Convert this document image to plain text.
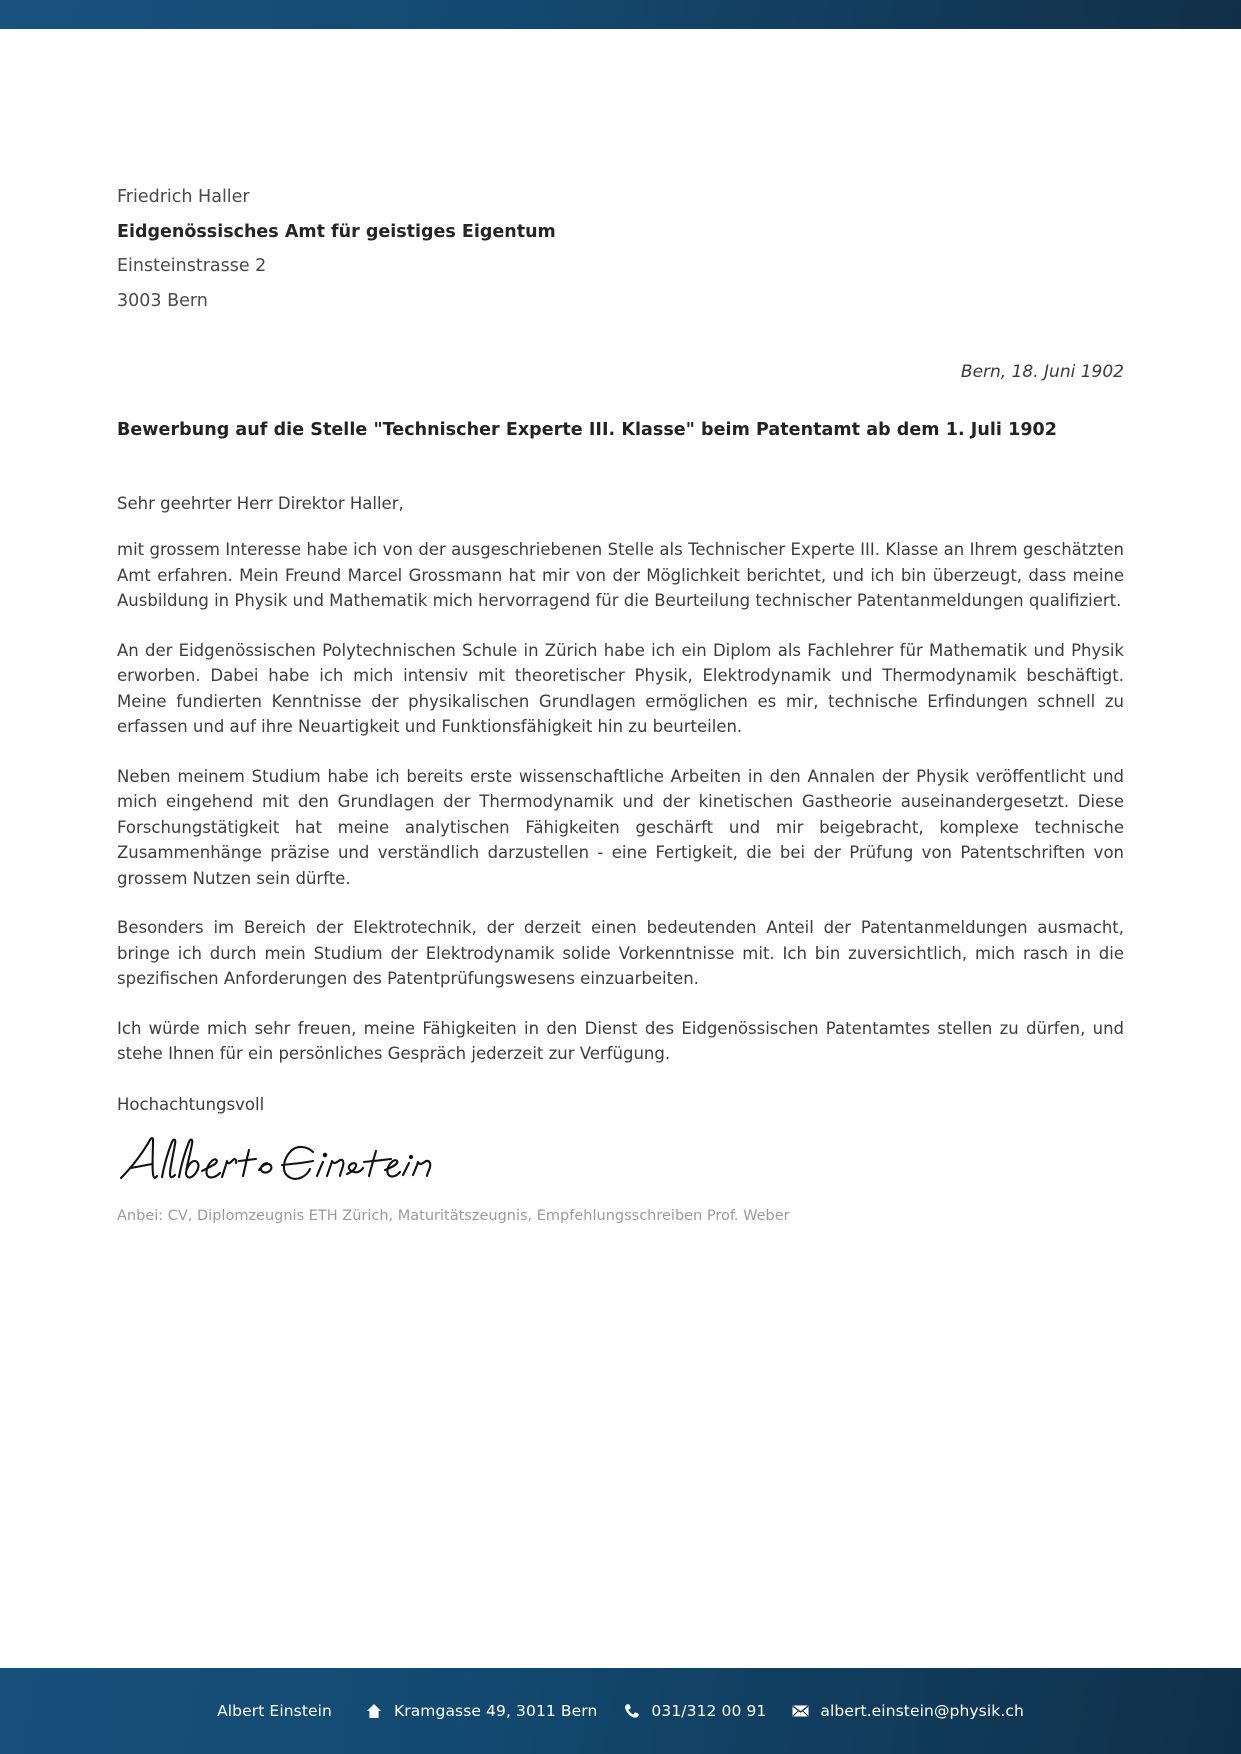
Friedrich Haller
Eidgenössisches Amt für geistiges Eigentum
Einsteinstrasse 2
3003 Bern
Bern, 18. Juni 1902
Bewerbung auf die Stelle "Technischer Experte III. Klasse" beim Patentamt ab dem 1. Juli 1902
Sehr geehrter Herr Direktor Haller,

mit grossem Interesse habe ich von der ausgeschriebenen Stelle als Technischer Experte III. Klasse an Ihrem geschätzten Amt erfahren. Mein Freund Marcel Grossmann hat mir von der Möglichkeit berichtet, und ich bin überzeugt, dass meine Ausbildung in Physik und Mathematik mich hervorragend für die Beurteilung technischer Patentanmeldungen qualifiziert.

An der Eidgenössischen Polytechnischen Schule in Zürich habe ich ein Diplom als Fachlehrer für Mathematik und Physik erworben. Dabei habe ich mich intensiv mit theoretischer Physik, Elektrodynamik und Thermodynamik beschäftigt. Meine fundierten Kenntnisse der physikalischen Grundlagen ermöglichen es mir, technische Erfindungen schnell zu erfassen und auf ihre Neuartigkeit und Funktionsfähigkeit hin zu beurteilen.

Neben meinem Studium habe ich bereits erste wissenschaftliche Arbeiten in den Annalen der Physik veröffentlicht und mich eingehend mit den Grundlagen der Thermodynamik und der kinetischen Gastheorie auseinandergesetzt. Diese Forschungstätigkeit hat meine analytischen Fähigkeiten geschärft und mir beigebracht, komplexe technische Zusammenhänge präzise und verständlich darzustellen - eine Fertigkeit, die bei der Prüfung von Patentschriften von grossem Nutzen sein dürfte.

Besonders im Bereich der Elektrotechnik, der derzeit einen bedeutenden Anteil der Patentanmeldungen ausmacht, bringe ich durch mein Studium der Elektrodynamik solide Vorkenntnisse mit. Ich bin zuversichtlich, mich rasch in die spezifischen Anforderungen des Patentprüfungswesens einzuarbeiten.

Ich würde mich sehr freuen, meine Fähigkeiten in den Dienst des Eidgenössischen Patentamtes stellen zu dürfen, und stehe Ihnen für ein persönliches Gespräch jederzeit zur Verfügung.

Hochachtungsvoll
Anbei: CV, Diplomzeugnis ETH Zürich, Maturitätszeugnis, Empfehlungsschreiben Prof. Weber
Albert Einstein	Kramgasse 49, 3011 Bern	031/312 00 91	albert.einstein@physik.ch
